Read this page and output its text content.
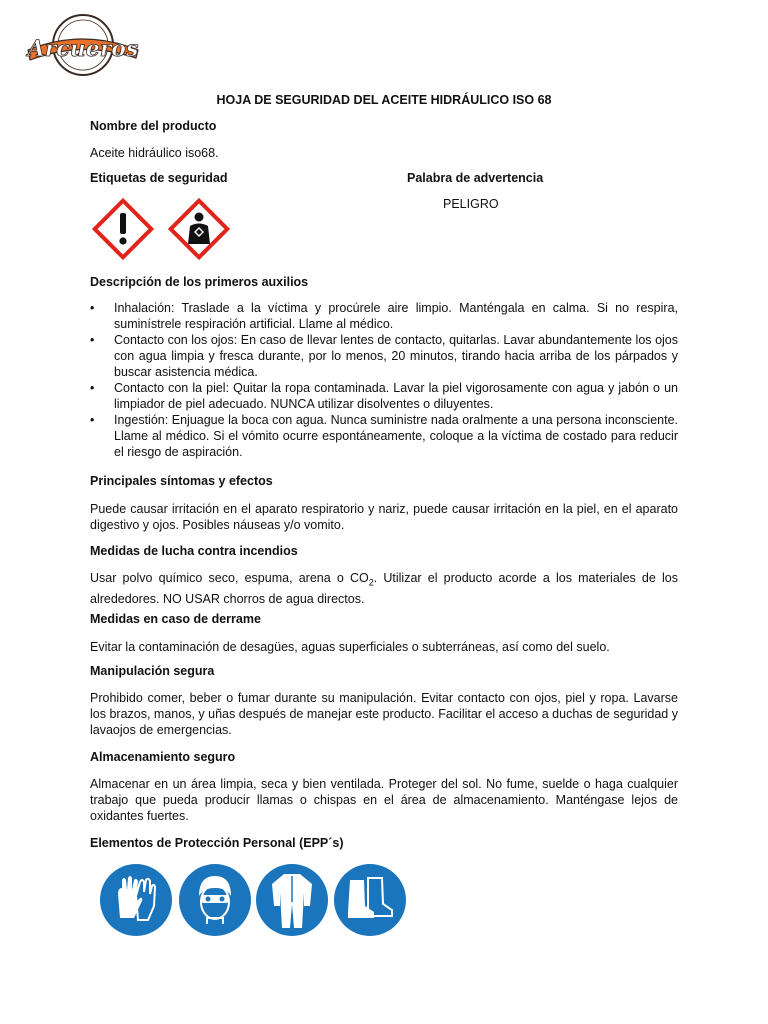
Arcueros
HOJA DE SEGURIDAD DEL ACEITE HIDRÁULICO ISO 68
Nombre del producto
Aceite hidráulico iso68.
Etiquetas de seguridad	Palabra de advertencia
PELIGRO
Descripción de los primeros auxilios
• Inhalación: Traslade a la víctima y procúrele aire limpio. Manténgala en calma. Si no respira, suminístrele respiración artificial. Llame al médico.
• Contacto con los ojos: En caso de llevar lentes de contacto, quitarlas. Lavar abundantemente los ojos con agua limpia y fresca durante, por lo menos, 20 minutos, tirando hacia arriba de los párpados y buscar asistencia médica.
• Contacto con la piel: Quitar la ropa contaminada. Lavar la piel vigorosamente con agua y jabón o un limpiador de piel adecuado. NUNCA utilizar disolventes o diluyentes.
• Ingestión: Enjuague la boca con agua. Nunca suministre nada oralmente a una persona inconsciente. Llame al médico. Si el vómito ocurre espontáneamente, coloque a la víctima de costado para reducir el riesgo de aspiración.
Principales síntomas y efectos
Puede causar irritación en el aparato respiratorio y nariz, puede causar irritación en la piel, en el aparato digestivo y ojos. Posibles náuseas y/o vomito.
Medidas de lucha contra incendios
Usar polvo químico seco, espuma, arena o $CO_2$. Utilizar el producto acorde a los materiales de los alrededores. NO USAR chorros de agua directos.
Medidas en caso de derrame
Evitar la contaminación de desagües, aguas superficiales o subterráneas, así como del suelo.
Manipulación segura
Prohibido comer, beber o fumar durante su manipulación. Evitar contacto con ojos, piel y ropa. Lavarse los brazos, manos, y uñas después de manejar este producto. Facilitar el acceso a duchas de seguridad y lavaojos de emergencias.
Almacenamiento seguro
Almacenar en un área limpia, seca y bien ventilada. Proteger del sol. No fume, suelde o haga cualquier trabajo que pueda producir llamas o chispas en el área de almacenamiento. Manténgase lejos de oxidantes fuertes.
Elementos de Protección Personal (EPP´s)
